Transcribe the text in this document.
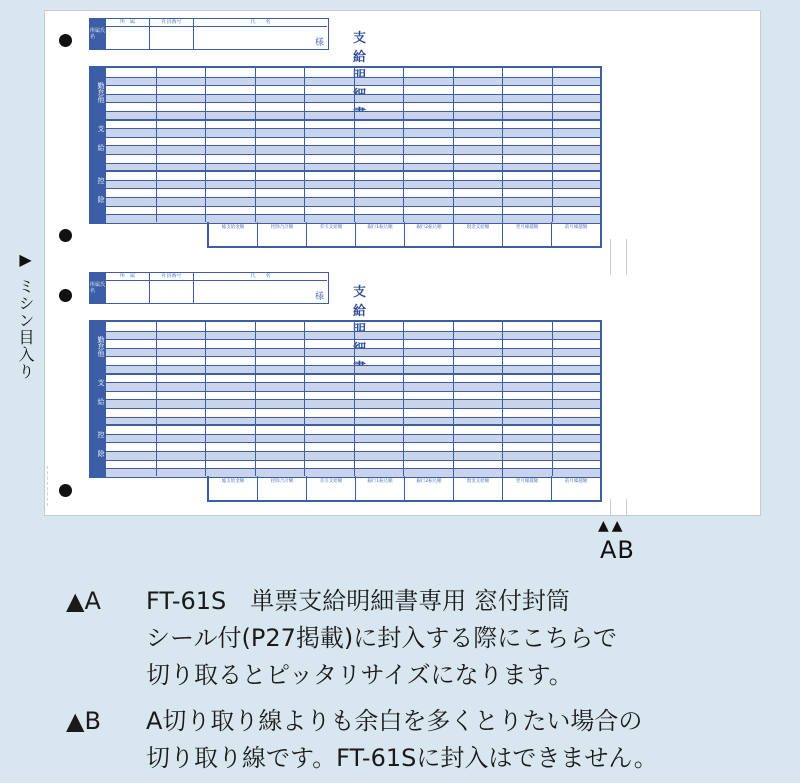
所属氏名
所　属	社員番号	氏　　名
様 支給
勤怠他
支給
控除
総支給金額	控除合計額	差引支給額	銀行1振込額	銀行2振込額	現金支給額	翌月繰越額	前月繰越額
所属氏名
所　属	社員番号	氏　　名
様 支給
勤怠他
支給
控除
総支給金額	控除合計額	差引支給額	銀行1振込額	銀行2振込額	現金支給額	翌月繰越額	前月繰越額
▶
ミシン目入り
▲▲
AB
▲A FT-61S　単票支給明細書専用 窓付封筒
シール付(P27掲載)に封入する際にこちらで
切り取るとピッタリサイズになります。
▲B A切り取り線よりも余白を多くとりたい場合の
切り取り線です。FT-61Sに封入はできません。
